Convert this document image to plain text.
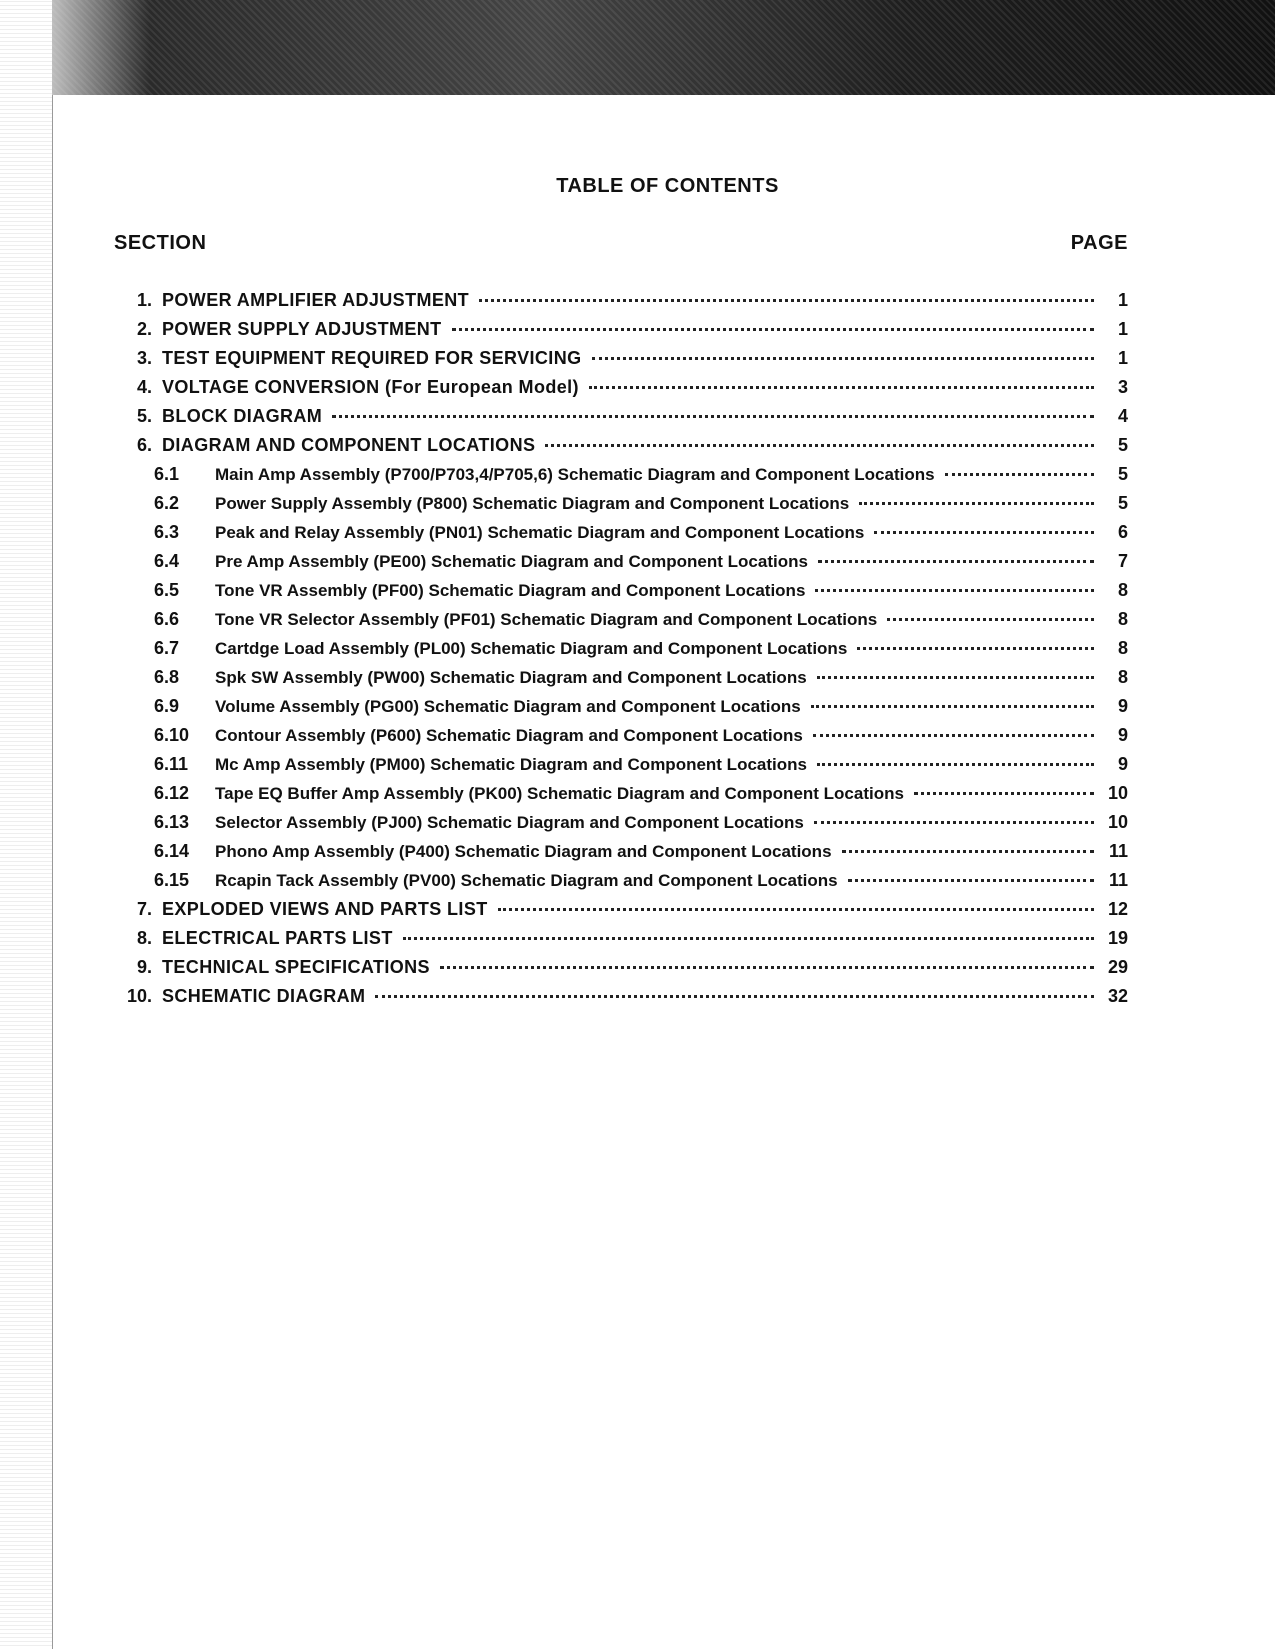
TABLE OF CONTENTS
SECTION	PAGE
1. POWER AMPLIFIER ADJUSTMENT	1
2. POWER SUPPLY ADJUSTMENT	1
3. TEST EQUIPMENT REQUIRED FOR SERVICING	1
4. VOLTAGE CONVERSION (For European Model)	3
5. BLOCK DIAGRAM	4
6. DIAGRAM AND COMPONENT LOCATIONS	5
6.1	Main Amp Assembly (P700/P703,4/P705,6) Schematic Diagram and Component Locations	5
6.2	Power Supply Assembly (P800) Schematic Diagram and Component Locations	5
6.3	Peak and Relay Assembly (PN01) Schematic Diagram and Component Locations	6
6.4	Pre Amp Assembly (PE00) Schematic Diagram and Component Locations	7
6.5	Tone VR Assembly (PF00) Schematic Diagram and Component Locations	8
6.6	Tone VR Selector Assembly (PF01) Schematic Diagram and Component Locations	8
6.7	Cartdge Load Assembly (PL00) Schematic Diagram and Component Locations	8
6.8	Spk SW Assembly (PW00) Schematic Diagram and Component Locations	8
6.9	Volume Assembly (PG00) Schematic Diagram and Component Locations	9
6.10	Contour Assembly (P600) Schematic Diagram and Component Locations	9
6.11	Mc Amp Assembly (PM00) Schematic Diagram and Component Locations	9
6.12	Tape EQ Buffer Amp Assembly (PK00) Schematic Diagram and Component Locations	10
6.13	Selector Assembly (PJ00) Schematic Diagram and Component Locations	10
6.14	Phono Amp Assembly (P400) Schematic Diagram and Component Locations	11
6.15	Rcapin Tack Assembly (PV00) Schematic Diagram and Component Locations	11
7. EXPLODED VIEWS AND PARTS LIST	12
8. ELECTRICAL PARTS LIST	19
9. TECHNICAL SPECIFICATIONS	29
10. SCHEMATIC DIAGRAM	32
